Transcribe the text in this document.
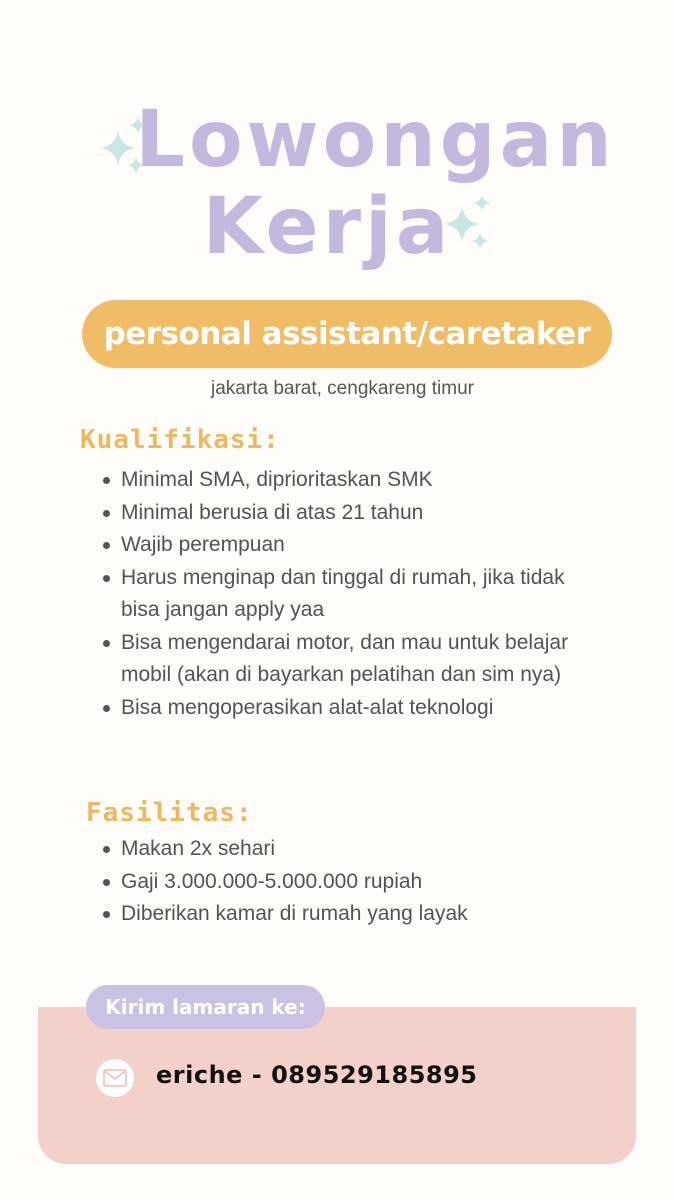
Lowongan
Kerja
personal assistant/caretaker
jakarta barat, cengkareng timur
Kualifikasi:
Minimal SMA, diprioritaskan SMK
Minimal berusia di atas 21 tahun
Wajib perempuan
Harus menginap dan tinggal di rumah, jika tidak bisa jangan apply yaa
Bisa mengendarai motor, dan mau untuk belajar mobil (akan di bayarkan pelatihan dan sim nya)
Bisa mengoperasikan alat-alat teknologi
Fasilitas:
Makan 2x sehari
Gaji 3.000.000-5.000.000 rupiah
Diberikan kamar di rumah yang layak
Kirim lamaran ke:
eriche - 089529185895
